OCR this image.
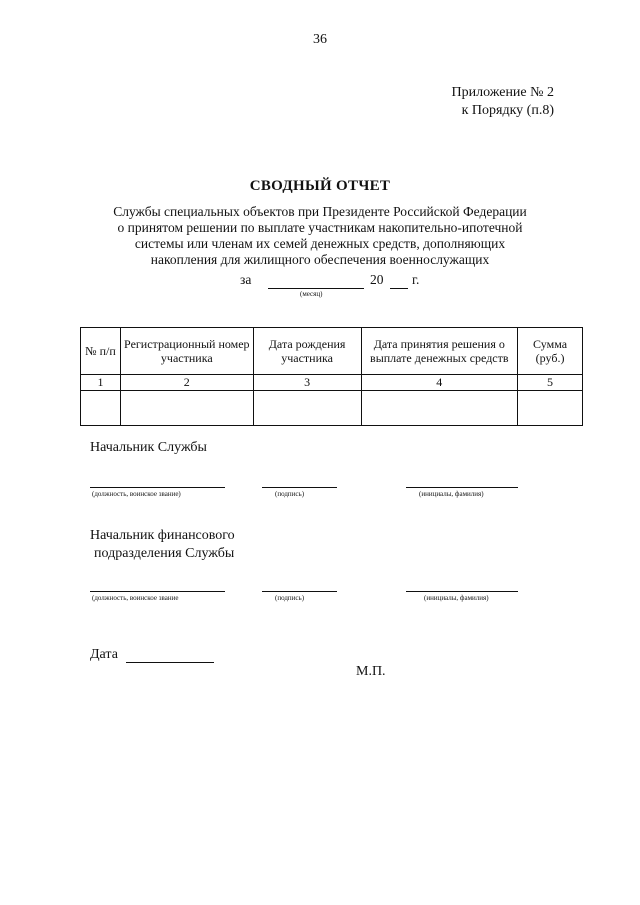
36
Приложение № 2
к Порядку (п.8)
СВОДНЫЙ ОТЧЕТ
Службы специальных объектов при Президенте Российской Федерации
о принятом решении по выплате участникам накопительно-ипотечной
системы или членам их семей денежных средств, дополняющих
накопления для жилищного обеспечения военнослужащих
за
(месяц)
20 г.
№ п/п	Регистрационный номер участника	Дата рождения участника	Дата принятия решения о выплате денежных средств	Сумма (руб.)
1	2	3	4	5

Начальник Службы
(должность, воинское звание)	(подпись)	(инициалы, фамилия)
Начальник финансового
подразделения Службы
(должность, воинское звание	(подпись)	(инициалы, фамилия)
Дата
М.П.
